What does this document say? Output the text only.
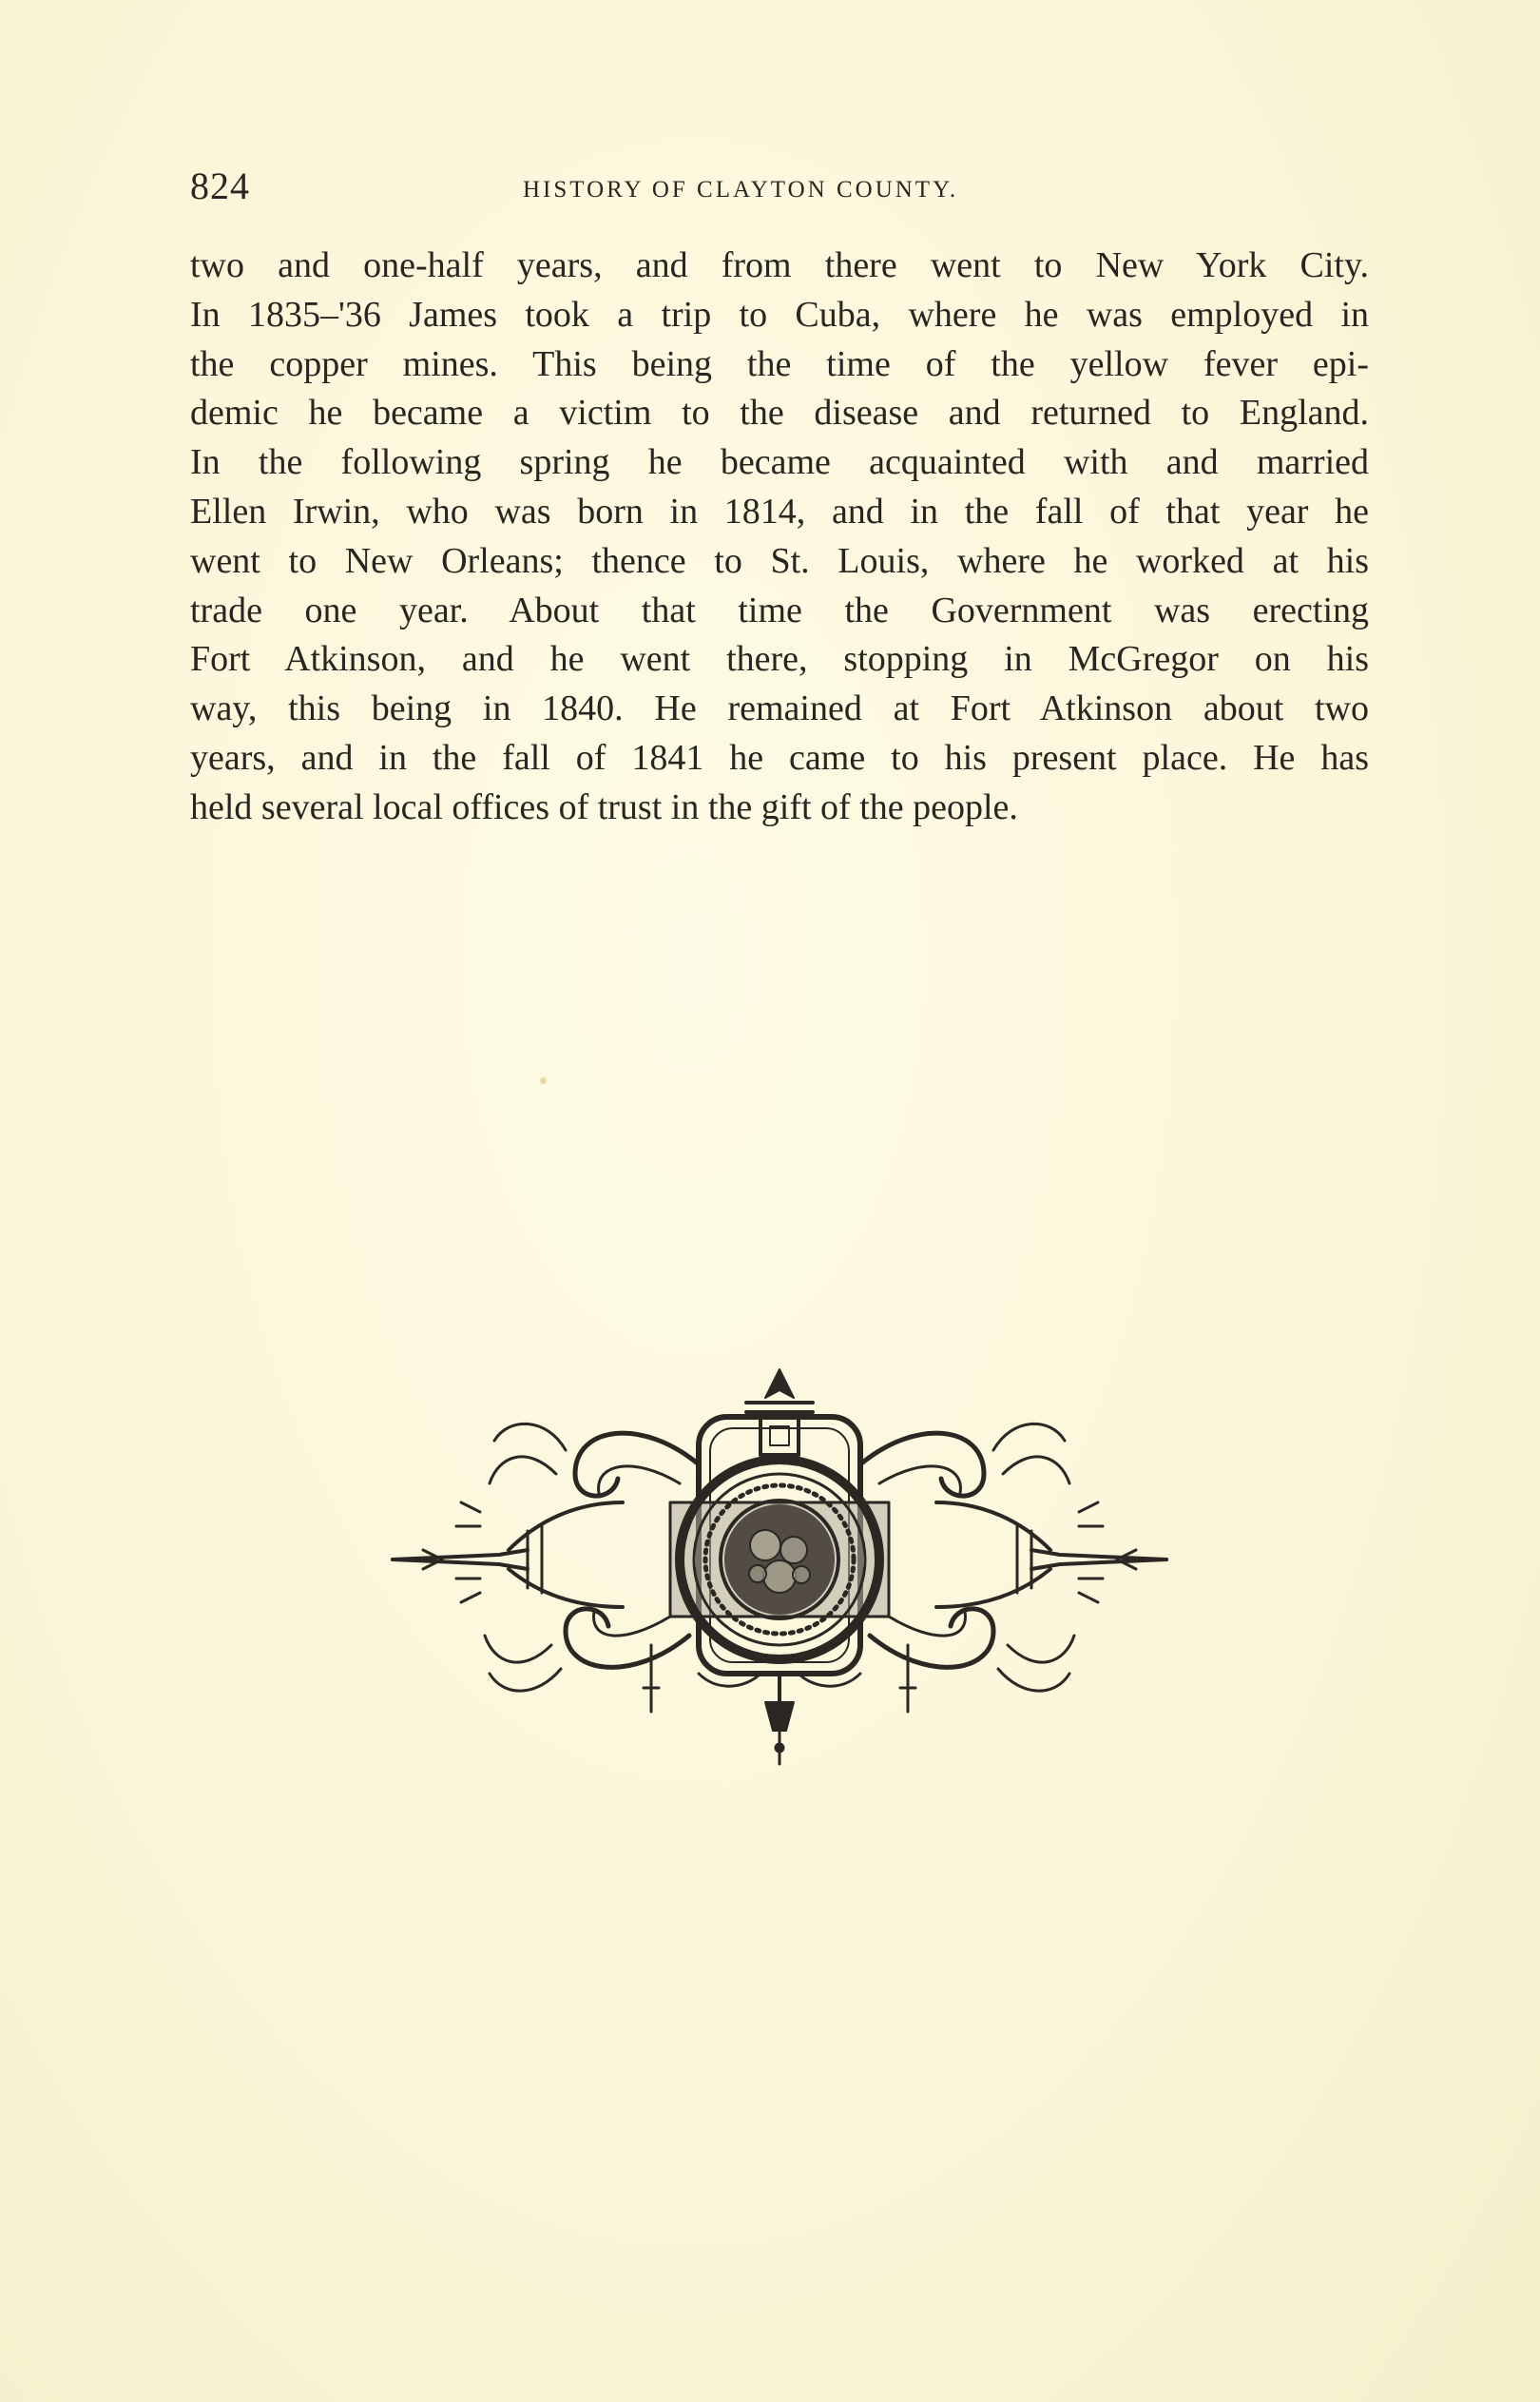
824	HISTORY OF CLAYTON COUNTY.
two and one-half years, and from there went to New York City.
In 1835–'36 James took a trip to Cuba, where he was employed in
the copper mines. This being the time of the yellow fever epi-
demic he became a victim to the disease and returned to England.
In the following spring he became acquainted with and married
Ellen Irwin, who was born in 1814, and in the fall of that year he
went to New Orleans; thence to St. Louis, where he worked at his
trade one year. About that time the Government was erecting
Fort Atkinson, and he went there, stopping in McGregor on his
way, this being in 1840. He remained at Fort Atkinson about two
years, and in the fall of 1841 he came to his present place. He has
held several local offices of trust in the gift of the people.
